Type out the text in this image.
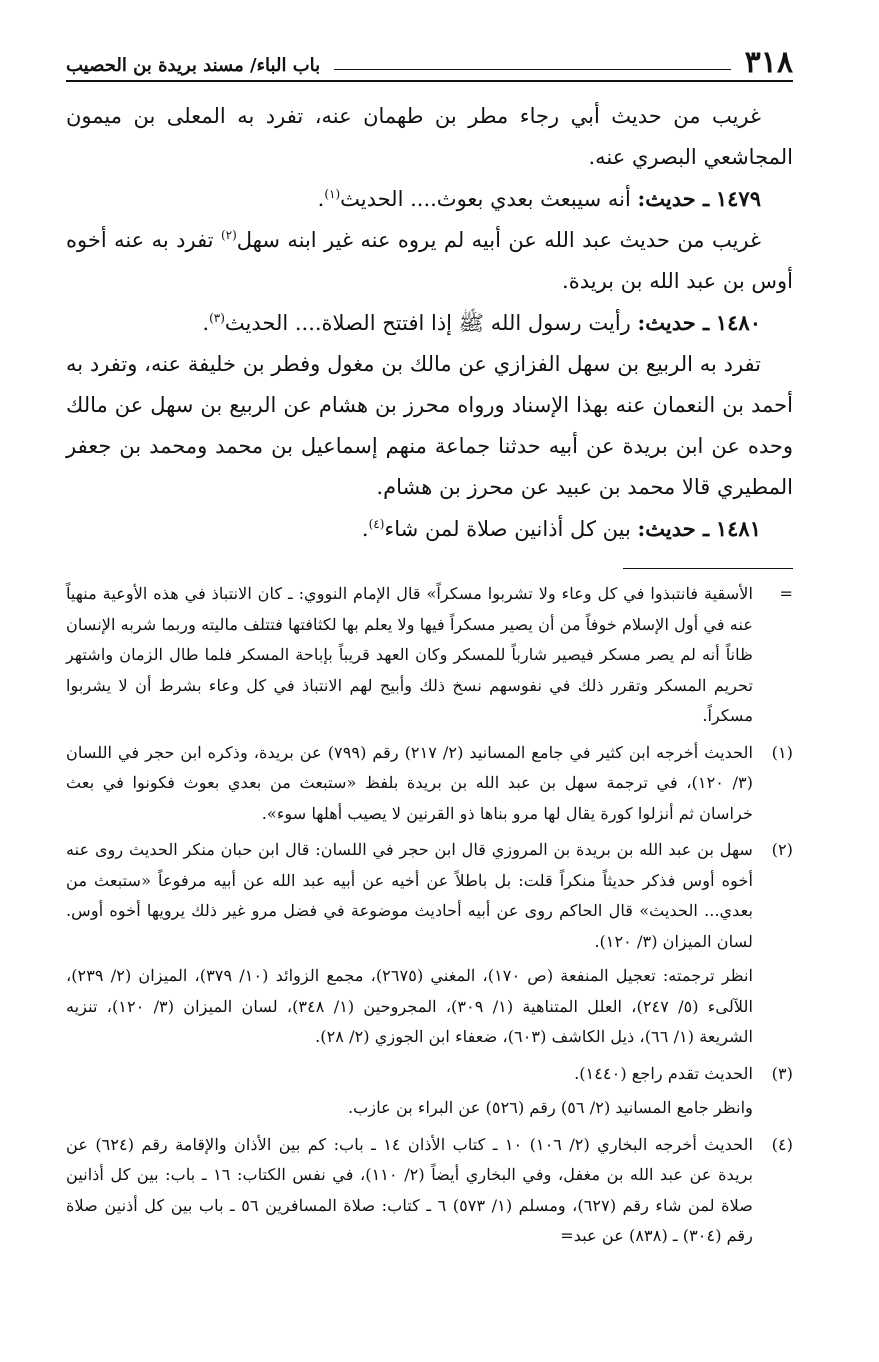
٣١٨
باب الباء/ مسند بريدة بن الحصيب

غريب من حديث أبي رجاء مطر بن طهمان عنه، تفرد به المعلى بن ميمون المجاشعي البصري عنه.

١٤٧٩ ـ حديث: أنه سيبعث بعدي بعوث.... الحديث$^{(١)}$.

غريب من حديث عبد الله عن أبيه لم يروه عنه غير ابنه سهل$^{(٢)}$ تفرد به عنه أخوه أوس بن عبد الله بن بريدة.

١٤٨٠ ـ حديث: رأيت رسول الله ﷺ إذا افتتح الصلاة.... الحديث$^{(٣)}$.

تفرد به الربيع بن سهل الفزازي عن مالك بن مغول وفطر بن خليفة عنه، وتفرد به أحمد بن النعمان عنه بهذا الإسناد ورواه محرز بن هشام عن الربيع بن سهل عن مالك وحده عن ابن بريدة عن أبيه حدثنا جماعة منهم إسماعيل بن محمد ومحمد بن جعفر المطيري قالا محمد بن عبيد عن محرز بن هشام.

١٤٨١ ـ حديث: بين كل أذانين صلاة لمن شاء$^{(٤)}$.

=

الأسقية فانتبذوا في كل وعاء ولا تشربوا مسكراً» قال الإمام النووي: ـ كان الانتباذ في هذه الأوعية منهياً عنه في أول الإسلام خوفاً من أن يصير مسكراً فيها ولا يعلم بها لكثافتها فتتلف ماليته وربما شربه الإنسان ظاناً أنه لم يصر مسكر فيصير شارباً للمسكر وكان العهد قريباً بإباحة المسكر فلما طال الزمان واشتهر تحريم المسكر وتقرر ذلك في نفوسهم نسخ ذلك وأبيح لهم الانتباذ في كل وعاء بشرط أن لا يشربوا مسكراً.

(١)

الحديث أخرجه ابن كثير في جامع المسانيد (٢/ ٢١٧) رقم (٧٩٩) عن بريدة، وذكره ابن حجر في اللسان (٣/ ١٢٠)، في ترجمة سهل بن عبد الله بن بريدة بلفظ «ستبعث من بعدي بعوث فكونوا في بعث خراسان ثم أنزلوا كورة يقال لها مرو بناها ذو القرنين لا يصيب أهلها سوء».

(٢)

سهل بن عبد الله بن بريدة بن المروزي قال ابن حجر في اللسان: قال ابن حبان منكر الحديث روى عنه أخوه أوس فذكر حديثاً منكراً قلت: بل باطلاً عن أخيه عن أبيه عبد الله عن أبيه مرفوعاً «ستبعث من بعدي... الحديث» قال الحاكم روى عن أبيه أحاديث موضوعة في فضل مرو غير ذلك يرويها أخوه أوس. لسان الميزان (٣/ ١٢٠).

انظر ترجمته: تعجيل المنفعة (ص ١٧٠)، المغني (٢٦٧٥)، مجمع الزوائد (١٠/ ٣٧٩)، الميزان (٢/ ٢٣٩)، اللآلىء (٥/ ٢٤٧)، العلل المتناهية (١/ ٣٠٩)، المجروحين (١/ ٣٤٨)، لسان الميزان (٣/ ١٢٠)، تنزيه الشريعة (١/ ٦٦)، ذيل الكاشف (٦٠٣)، ضعفاء ابن الجوزي (٢/ ٢٨).

(٣)

الحديث تقدم راجع (١٤٤٠).

وانظر جامع المسانيد (٢/ ٥٦) رقم (٥٢٦) عن البراء بن عازب.

(٤)

الحديث أخرجه البخاري (٢/ ١٠٦) ١٠ ـ كتاب الأذان ١٤ ـ باب: كم بين الأذان والإقامة رقم (٦٢٤) عن بريدة عن عبد الله بن مغفل، وفي البخاري أيضاً (٢/ ١١٠)، في نفس الكتاب: ١٦ ـ باب: بين كل أذانين صلاة لمن شاء رقم (٦٢٧)، ومسلم (١/ ٥٧٣) ٦ ـ كتاب: صلاة المسافرين ٥٦ ـ باب بين كل أذنين صلاة رقم (٣٠٤) ـ (٨٣٨) عن عبد=
